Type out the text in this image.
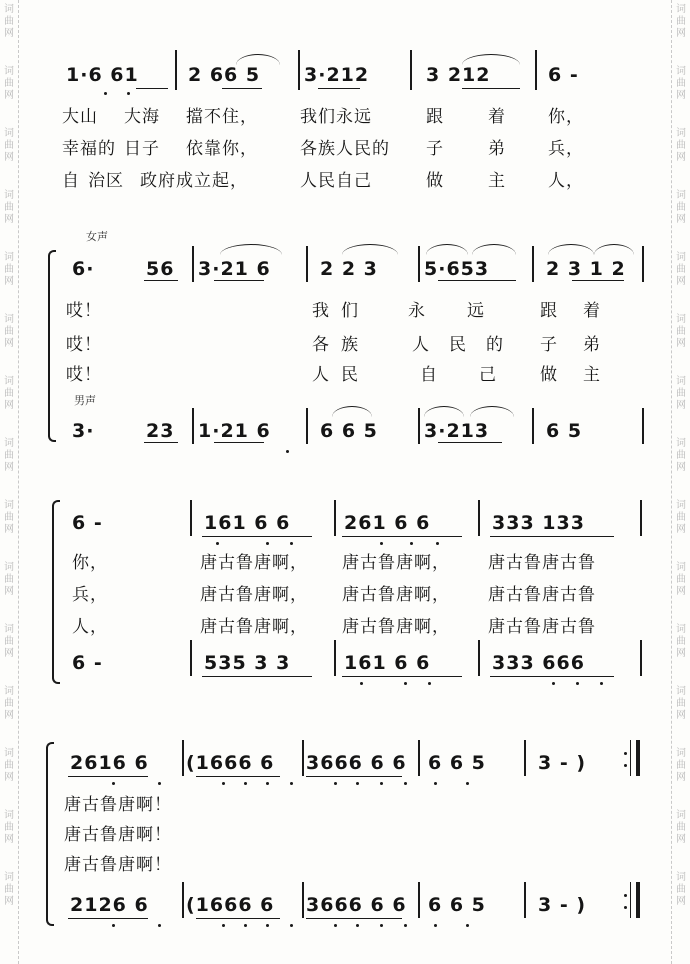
词曲网
词曲网
词曲网
词曲网
词曲网
词曲网
词曲网
词曲网
词曲网
词曲网
词曲网
词曲网
词曲网
词曲网
词曲网
词曲网
词曲网
词曲网
词曲网
词曲网
词曲网
词曲网
词曲网
词曲网
词曲网
词曲网
词曲网
词曲网
词曲网
词曲网
1·6 61	2 66 5 3·212	3 212	6 -
大山 大海 擋不住， 我们永远	跟	着 你，
幸福的 日子 依靠你， 各族人民的 子	弟 兵，
自 治区 政府成立起，	人民自己	做	主 人，
女声
6·	56 3·21 6	2 2 3 5·653	2 3 1 2
哎！	我们 永远 跟着
哎！	各族 人民的 子弟
哎！	人民	自己 做主
男声
3·	23 1·21 6	6 6 5 3·213	6 5
6 -	161 6 6	261 6 6	333 133
你，	唐古鲁唐啊， 唐古鲁唐啊， 唐古鲁唐古鲁
兵，	唐古鲁唐啊， 唐古鲁唐啊， 唐古鲁唐古鲁
人，	唐古鲁唐啊， 唐古鲁唐啊， 唐古鲁唐古鲁
6 -	535 3 3	161 6 6	333 666
2616 6 (1666 6 3666 6 6 6 6 5	3 - )
唐古鲁唐啊！
唐古鲁唐啊！
唐古鲁唐啊！
2126 6 (1666 6 3666 6 6 6 6 5	3 - )
